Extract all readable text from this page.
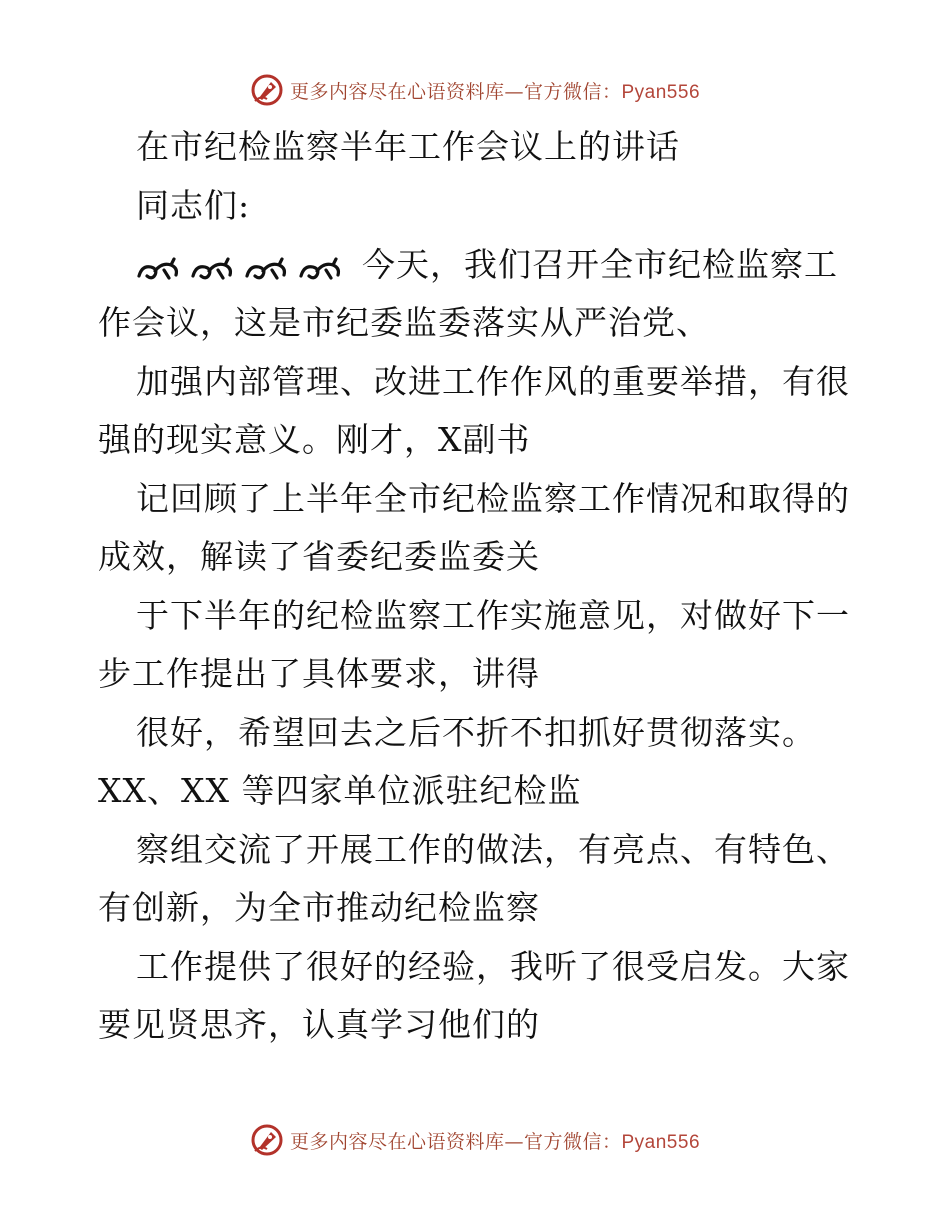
更多内容尽在心语资料库—官方微信：Pyan556
在市纪检监察半年工作会议上的讲话
同志们:
今天，我们召开全市纪检监察工
作会议，这是市纪委监委落实从严治党、
加强内部管理、改进工作作风的重要举措，有很
强的现实意义。刚才，X副书
记回顾了上半年全市纪检监察工作情况和取得的
成效，解读了省委纪委监委关
于下半年的纪检监察工作实施意见，对做好下一
步工作提出了具体要求，讲得
很好，希望回去之后不折不扣抓好贯彻落实。
XX、XX 等四家单位派驻纪检监
察组交流了开展工作的做法，有亮点、有特色、
有创新，为全市推动纪检监察
工作提供了很好的经验，我听了很受启发。大家
要见贤思齐，认真学习他们的
更多内容尽在心语资料库—官方微信：Pyan556
